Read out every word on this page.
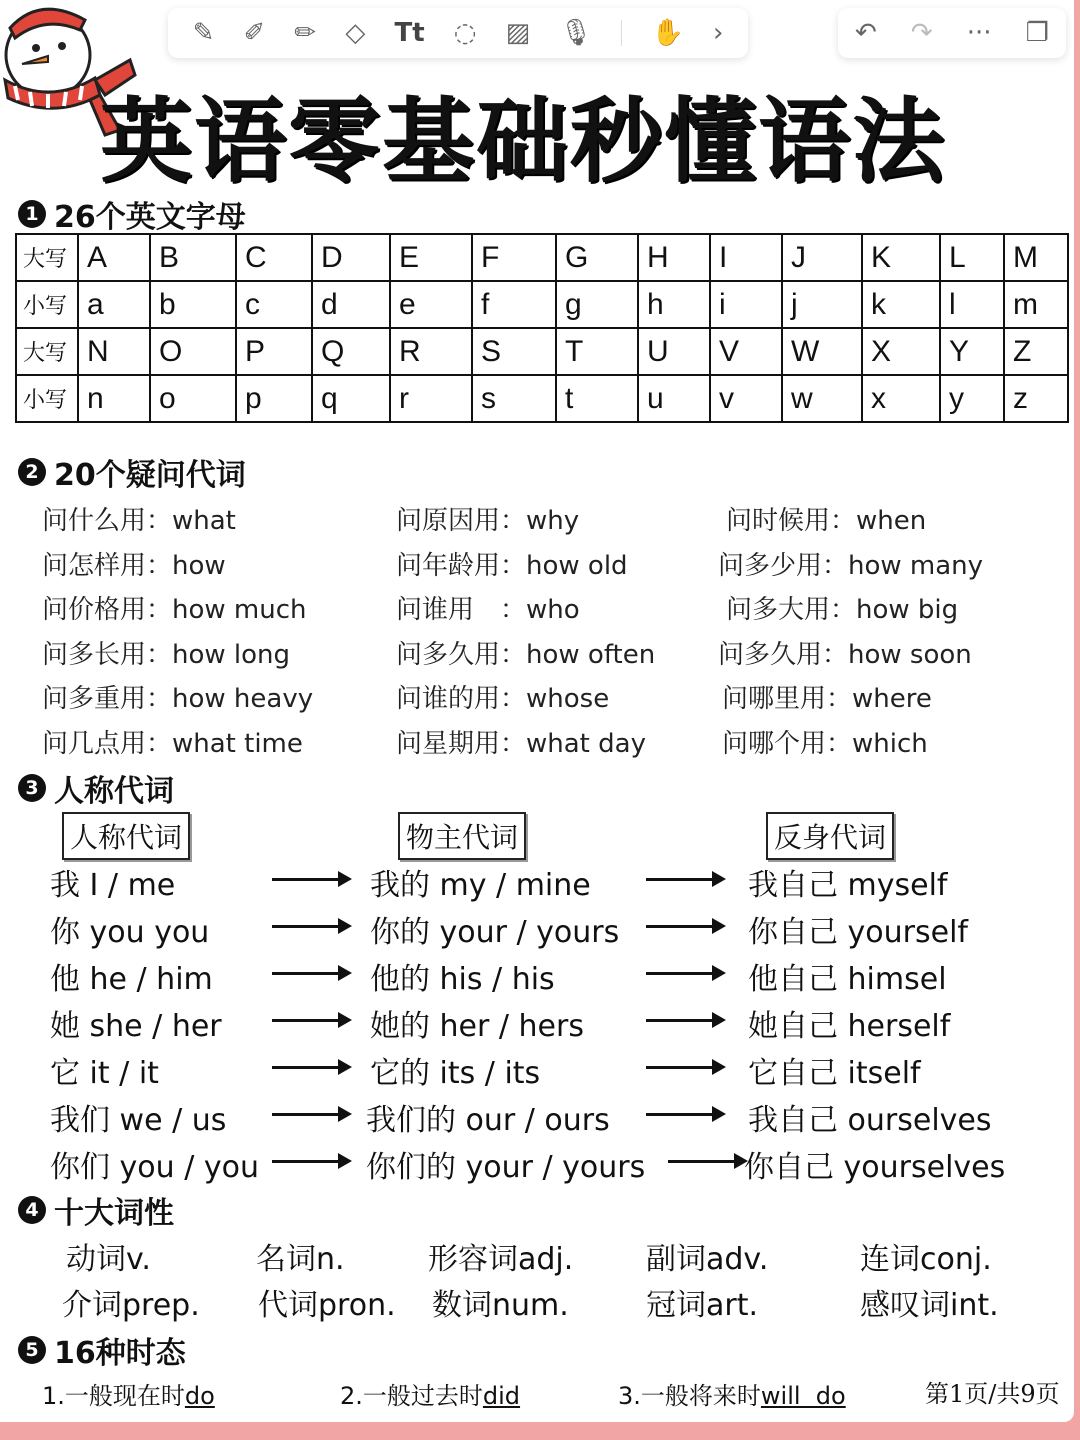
✎ ✐ ✏ ◇ Tt ◌ ▨ 🎙 ✋ ›	↶ ↷ ··· ❐
英语零基础秒懂语法
1 26个英文字母
大写	A	B	C	D	E	F	G	H	I	J	K	L	M
小写	a	b	c	d	e	f	g	h	i	j	k	l	m
大写	N	O	P	Q	R	S	T	U	V	W	X	Y	Z
小写	n	o	p	q	r	s	t	u	v	w	x	y	z
2 20个疑问代词
问什么用：what	问原因用：why	问时候用：when
问怎样用：how	问年龄用：how old	问多少用：how many
问价格用：how much	问谁用　：who	问多大用：how big
问多长用：how long	问多久用：how often 问多久用：how soon
问多重用：how heavy	问谁的用：whose	问哪里用：where
问几点用：what time	问星期用：what day	问哪个用：which
3 人称代词
人称代词	物主代词	反身代词
我 I / me	我的 my / mine	我自己 myself
你 you you	你的 your / yours	你自己 yourself
他 he / him	他的 his / his	他自己 himsel
她 she / her	她的 her / hers	她自己 herself
它 it / it	它的 its / its	它自己 itself
我们 we / us	我们的 our / ours	我自己 ourselves
你们 you / you	你们的 your / yours	你自己 yourselves
4 十大词性
动词v.	名词n.	形容词adj. 副词adv.	连词conj.
介词prep. 代词pron. 数词num.	冠词art.	感叹词int.
5 16种时态
1.一般现在时do	2.一般过去时did	3.一般将来时will  do	第1页/共9页
